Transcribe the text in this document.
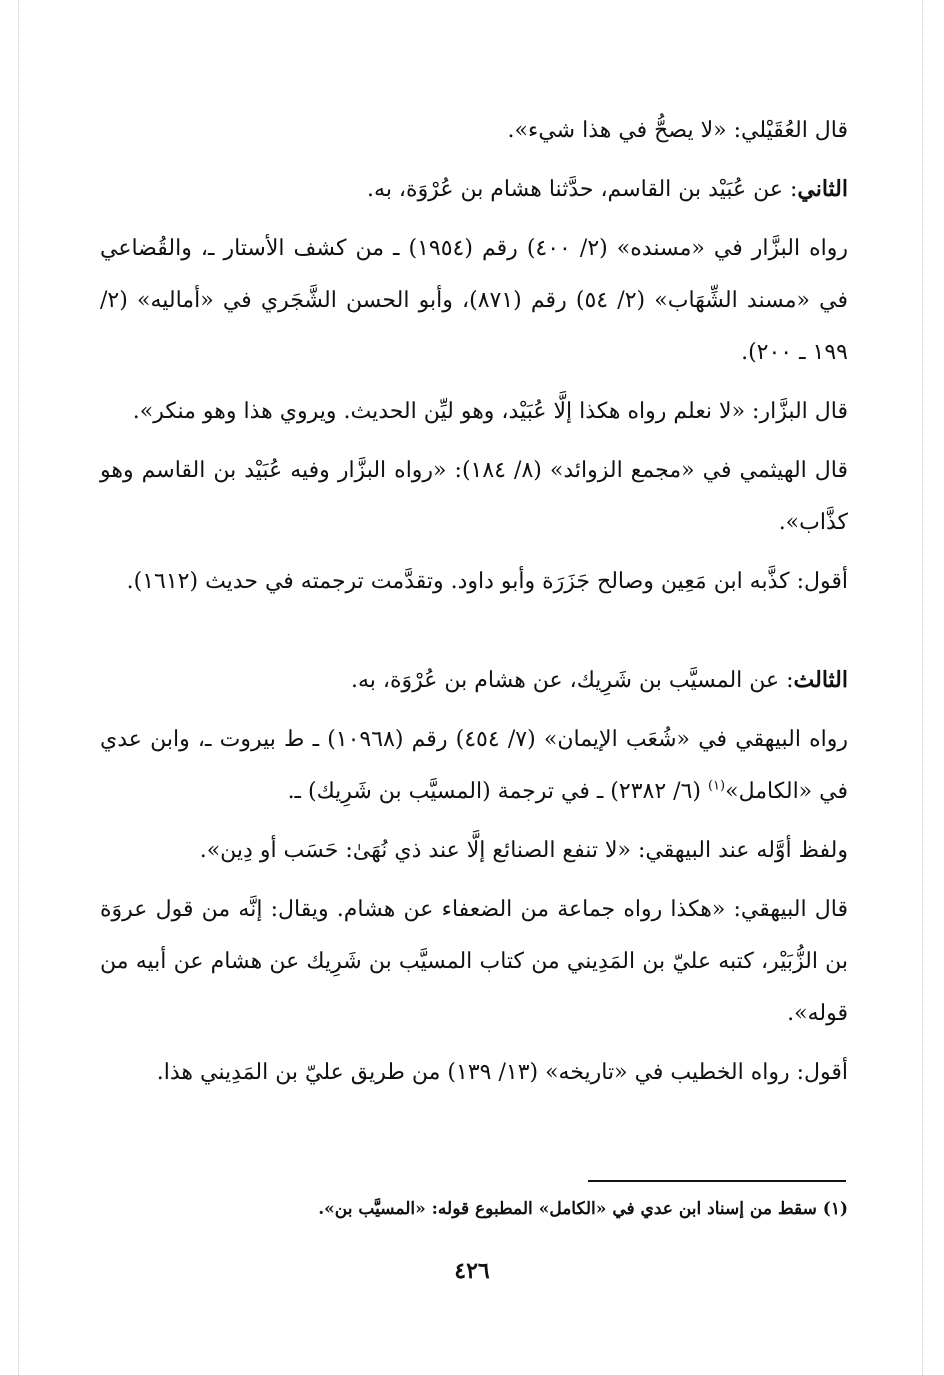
قال العُقَيْلي: «لا يصحُّ في هذا شيء».

الثاني: عن عُبَيْد بن القاسم، حدَّثنا هشام بن عُرْوَة، به.

رواه البزَّار في «مسنده» (٢/ ٤٠٠) رقم (١٩٥٤) ـ من كشف الأستار ـ، والقُضاعي في «مسند الشِّهَاب» (٢/ ٥٤) رقم (٨٧١)، وأبو الحسن الشَّجَري في «أماليه» (٢/ ١٩٩ ـ ٢٠٠).

قال البزَّار: «لا نعلم رواه هكذا إلَّا عُبَيْد، وهو ليِّن الحديث. ويروي هذا وهو منكر».

قال الهيثمي في «مجمع الزوائد» (٨/ ١٨٤): «رواه البزَّار وفيه عُبَيْد بن القاسم وهو كذَّاب».

أقول: كذَّبه ابن مَعِين وصالح جَزَرَة وأبو داود. وتقدَّمت ترجمته في حديث (١٦١٢).

الثالث: عن المسيَّب بن شَرِيك، عن هشام بن عُرْوَة، به.

رواه البيهقي في «شُعَب الإيمان» (٧/ ٤٥٤) رقم (١٠٩٦٨) ـ ط بيروت ـ، وابن عدي في «الكامل»$^{(١)}$ (٦/ ٢٣٨٢) ـ في ترجمة (المسيَّب بن شَرِيك) ـ.

ولفظ أوَّله عند البيهقي: «لا تنفع الصنائع إلَّا عند ذي نُهَىٰ: حَسَب أو دِين».

قال البيهقي: «هكذا رواه جماعة من الضعفاء عن هشام. ويقال: إنَّه من قول عروَة بن الزُّبَيْر، كتبه عليّ بن المَدِيني من كتاب المسيَّب بن شَرِيك عن هشام عن أبيه من قوله».

أقول: رواه الخطيب في «تاريخه» (١٣/ ١٣٩) من طريق عليّ بن المَدِيني هذا.

(١) سقط من إسناد ابن عدي في «الكامل» المطبوع قوله: «المسيَّب بن».
٤٢٦
